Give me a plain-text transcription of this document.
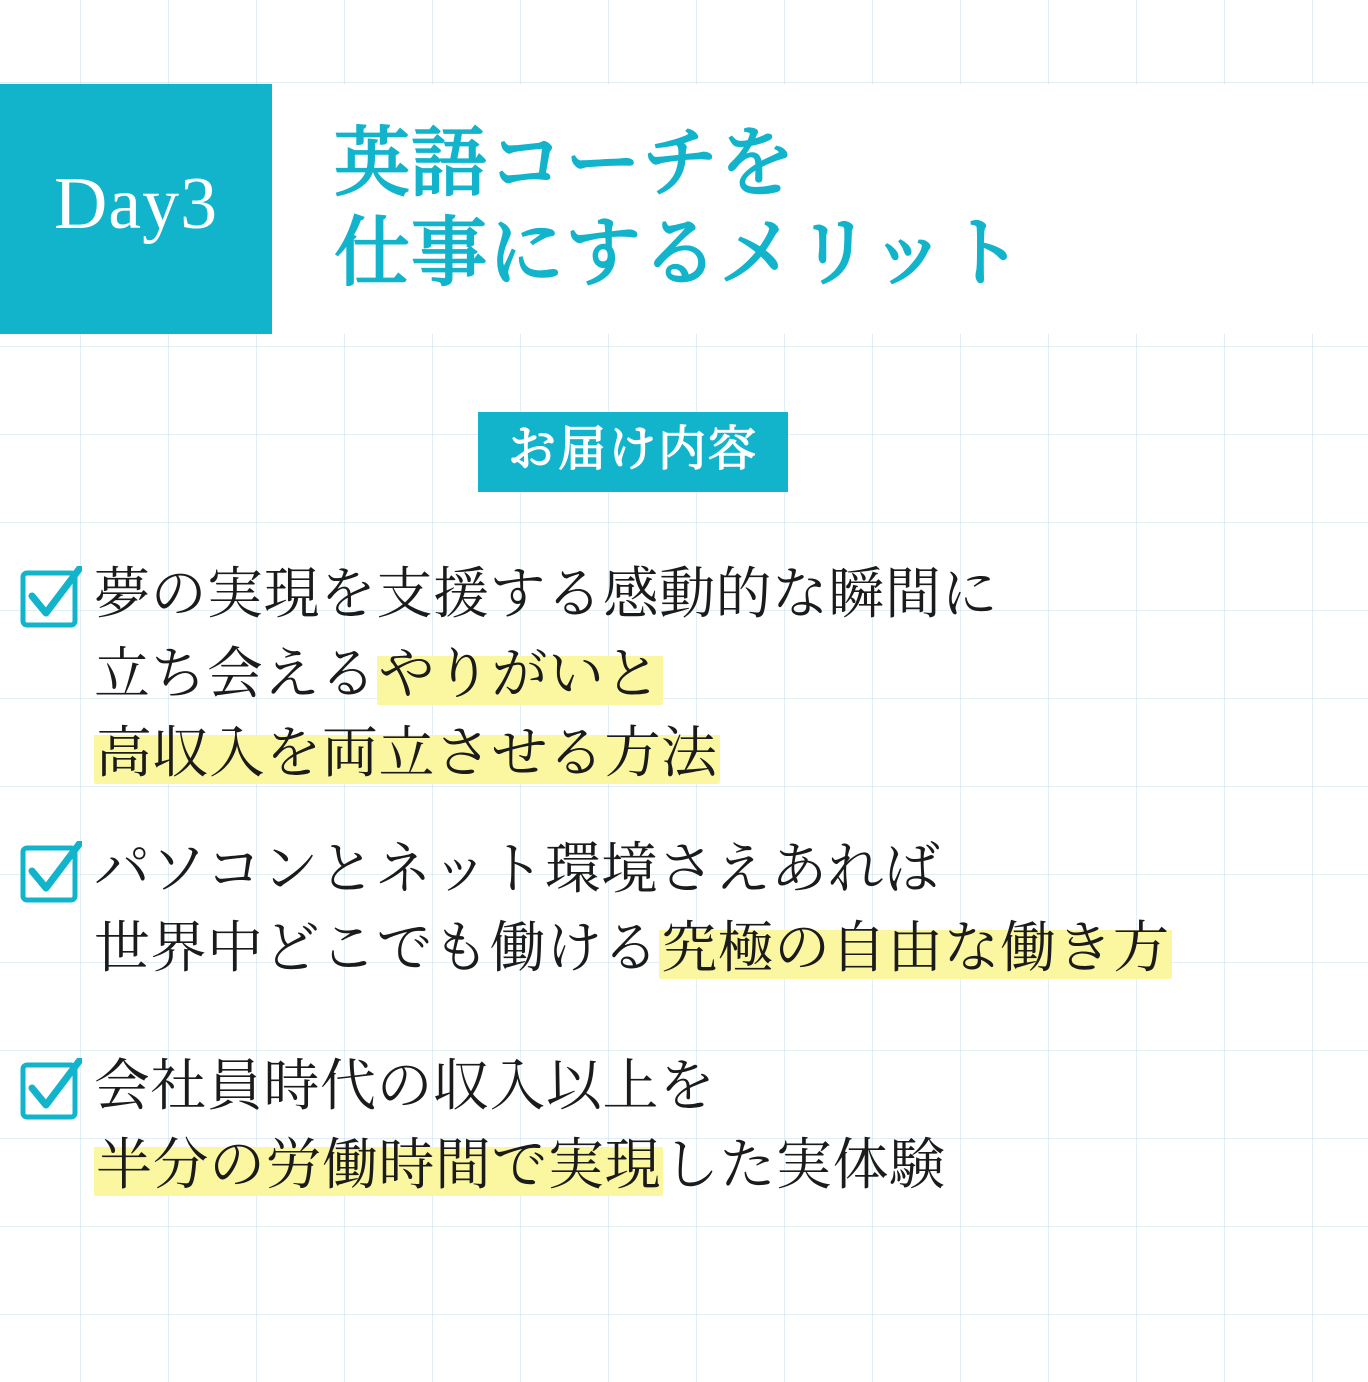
Day3	英語コーチを
仕事にするメリット
お届け内容
夢の実現を支援する感動的な瞬間に
立ち会えるやりがいと
高収入を両立させる方法
パソコンとネット環境さえあれば
世界中どこでも働ける究極の自由な働き方
会社員時代の収入以上を
半分の労働時間で実現した実体験
